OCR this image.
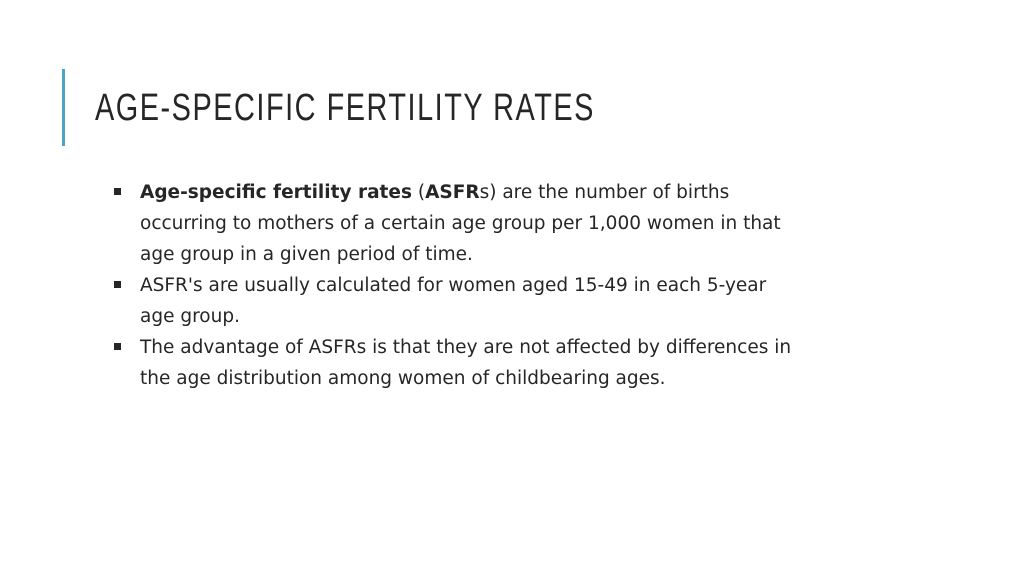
AGE-SPECIFIC FERTILITY RATES
Age-specific fertility rates (ASFRs) are the number of births occurring to mothers of a certain age group per 1,000 women in that age group in a given period of time.
ASFR's are usually calculated for women aged 15-49 in each 5-year age group.
The advantage of ASFRs is that they are not affected by differences in the age distribution among women of childbearing ages.
